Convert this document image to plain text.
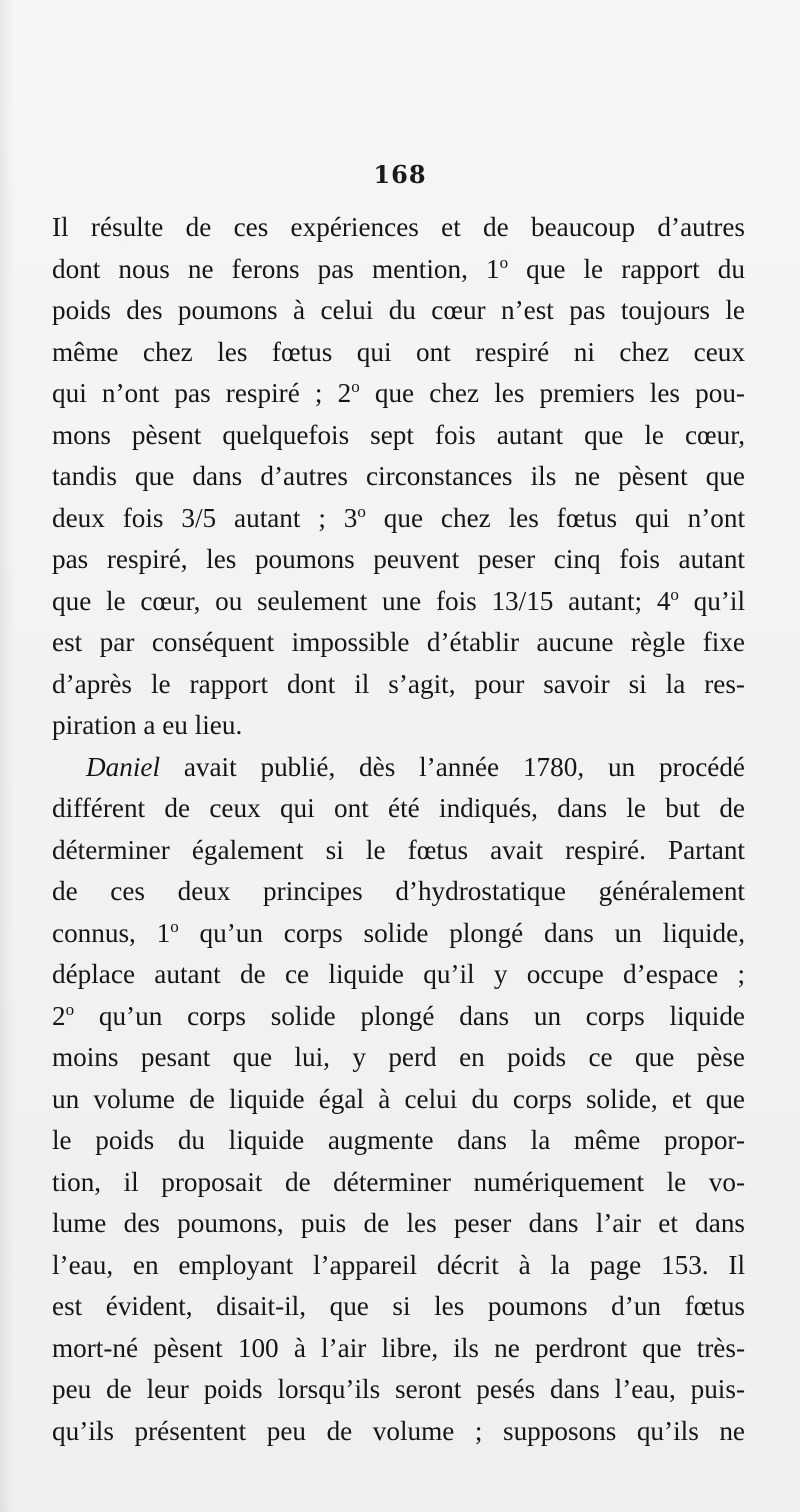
168
Il résulte de ces expériences et de beaucoup d’autres
dont nous ne ferons pas mention, 1$^o$ que le rapport du
poids des poumons à celui du cœur n’est pas toujours le
même chez les fœtus qui ont respiré ni chez ceux
qui n’ont pas respiré ; 2$^o$ que chez les premiers les pou-
mons pèsent quelquefois sept fois autant que le cœur,
tandis que dans d’autres circonstances ils ne pèsent que
deux fois 3/5 autant ; 3$^o$ que chez les fœtus qui n’ont
pas respiré, les poumons peuvent peser cinq fois autant
que le cœur, ou seulement une fois 13/15 autant; 4$^o$ qu’il
est par conséquent impossible d’établir aucune règle fixe
d’après le rapport dont il s’agit, pour savoir si la res-
piration a eu lieu.
Daniel avait publié, dès l’année 1780, un procédé
différent de ceux qui ont été indiqués, dans le but de
déterminer également si le fœtus avait respiré. Partant
de ces deux principes d’hydrostatique généralement
connus, 1$^o$ qu’un corps solide plongé dans un liquide,
déplace autant de ce liquide qu’il y occupe d’espace ;
2$^o$ qu’un corps solide plongé dans un corps liquide
moins pesant que lui, y perd en poids ce que pèse
un volume de liquide égal à celui du corps solide, et que
le poids du liquide augmente dans la même propor-
tion, il proposait de déterminer numériquement le vo-
lume des poumons, puis de les peser dans l’air et dans
l’eau, en employant l’appareil décrit à la page 153. Il
est évident, disait-il, que si les poumons d’un fœtus
mort-né pèsent 100 à l’air libre, ils ne perdront que très-
peu de leur poids lorsqu’ils seront pesés dans l’eau, puis-
qu’ils présentent peu de volume ; supposons qu’ils ne
